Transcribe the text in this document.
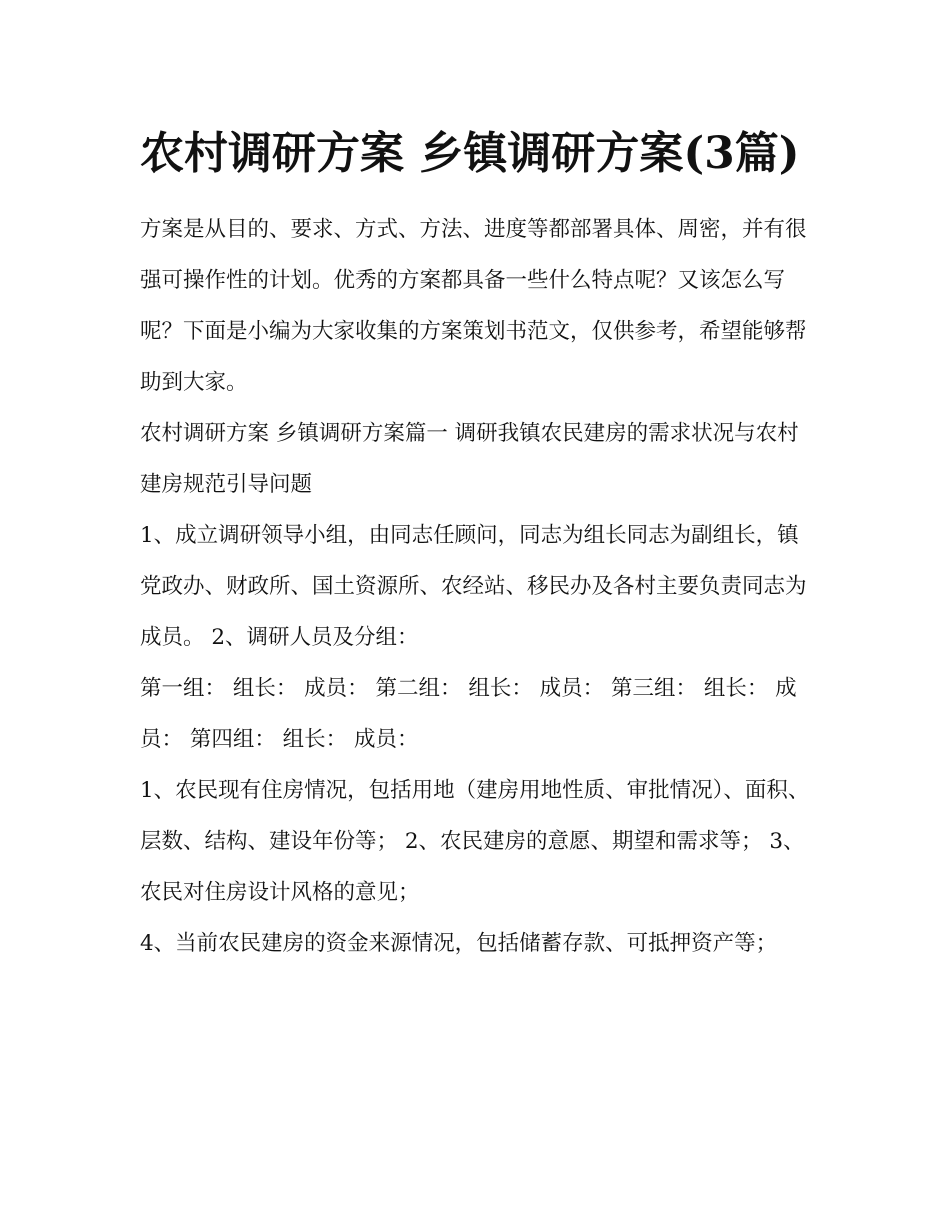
农村调研方案 乡镇调研方案(3篇)

方案是从目的、要求、方式、方法、进度等都部署具体、周密，并有很强可操作性的计划。优秀的方案都具备一些什么特点呢？又该怎么写呢？下面是小编为大家收集的方案策划书范文，仅供参考，希望能够帮助到大家。

农村调研方案 乡镇调研方案篇一 调研我镇农民建房的需求状况与农村建房规范引导问题

1、成立调研领导小组，由同志任顾问，同志为组长同志为副组长，镇党政办、财政所、国土资源所、农经站、移民办及各村主要负责同志为成员。 2、调研人员及分组：

第一组： 组长： 成员： 第二组： 组长： 成员： 第三组： 组长： 成员： 第四组： 组长： 成员：

1、农民现有住房情况，包括用地（建房用地性质、审批情况）、面积、层数、结构、建设年份等； 2、农民建房的意愿、期望和需求等； 3、农民对住房设计风格的意见；

4、当前农民建房的资金来源情况，包括储蓄存款、可抵押资产等；
